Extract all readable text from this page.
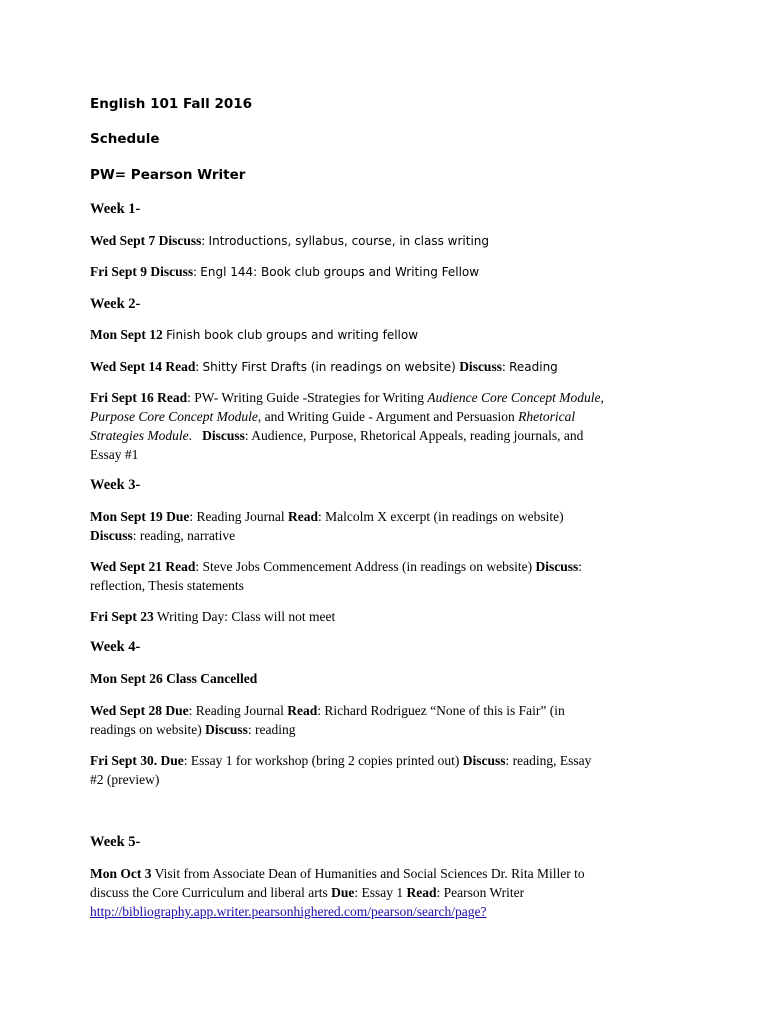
English 101 Fall 2016
Schedule
PW= Pearson Writer
Week 1-
Wed Sept 7 Discuss: Introductions, syllabus, course, in class writing
Fri Sept 9 Discuss: Engl 144: Book club groups and Writing Fellow
Week 2-
Mon Sept 12 Finish book club groups and writing fellow
Wed Sept 14 Read: Shitty First Drafts (in readings on website) Discuss: Reading
Fri Sept 16 Read: PW- Writing Guide -Strategies for Writing Audience Core Concept Module,
Purpose Core Concept Module, and Writing Guide - Argument and Persuasion Rhetorical
Strategies Module.   Discuss: Audience, Purpose, Rhetorical Appeals, reading journals, and
Essay #1
Week 3-
Mon Sept 19 Due: Reading Journal Read: Malcolm X excerpt (in readings on website)
Discuss: reading, narrative
Wed Sept 21 Read: Steve Jobs Commencement Address (in readings on website) Discuss:
reflection, Thesis statements
Fri Sept 23 Writing Day: Class will not meet
Week 4-
Mon Sept 26 Class Cancelled
Wed Sept 28 Due: Reading Journal Read: Richard Rodriguez “None of this is Fair” (in
readings on website) Discuss: reading
Fri Sept 30. Due: Essay 1 for workshop (bring 2 copies printed out) Discuss: reading, Essay
#2 (preview)
Week 5-
Mon Oct 3 Visit from Associate Dean of Humanities and Social Sciences Dr. Rita Miller to
discuss the Core Curriculum and liberal arts Due: Essay 1 Read: Pearson Writer
http://bibliography.app.writer.pearsonhighered.com/pearson/search/page?
